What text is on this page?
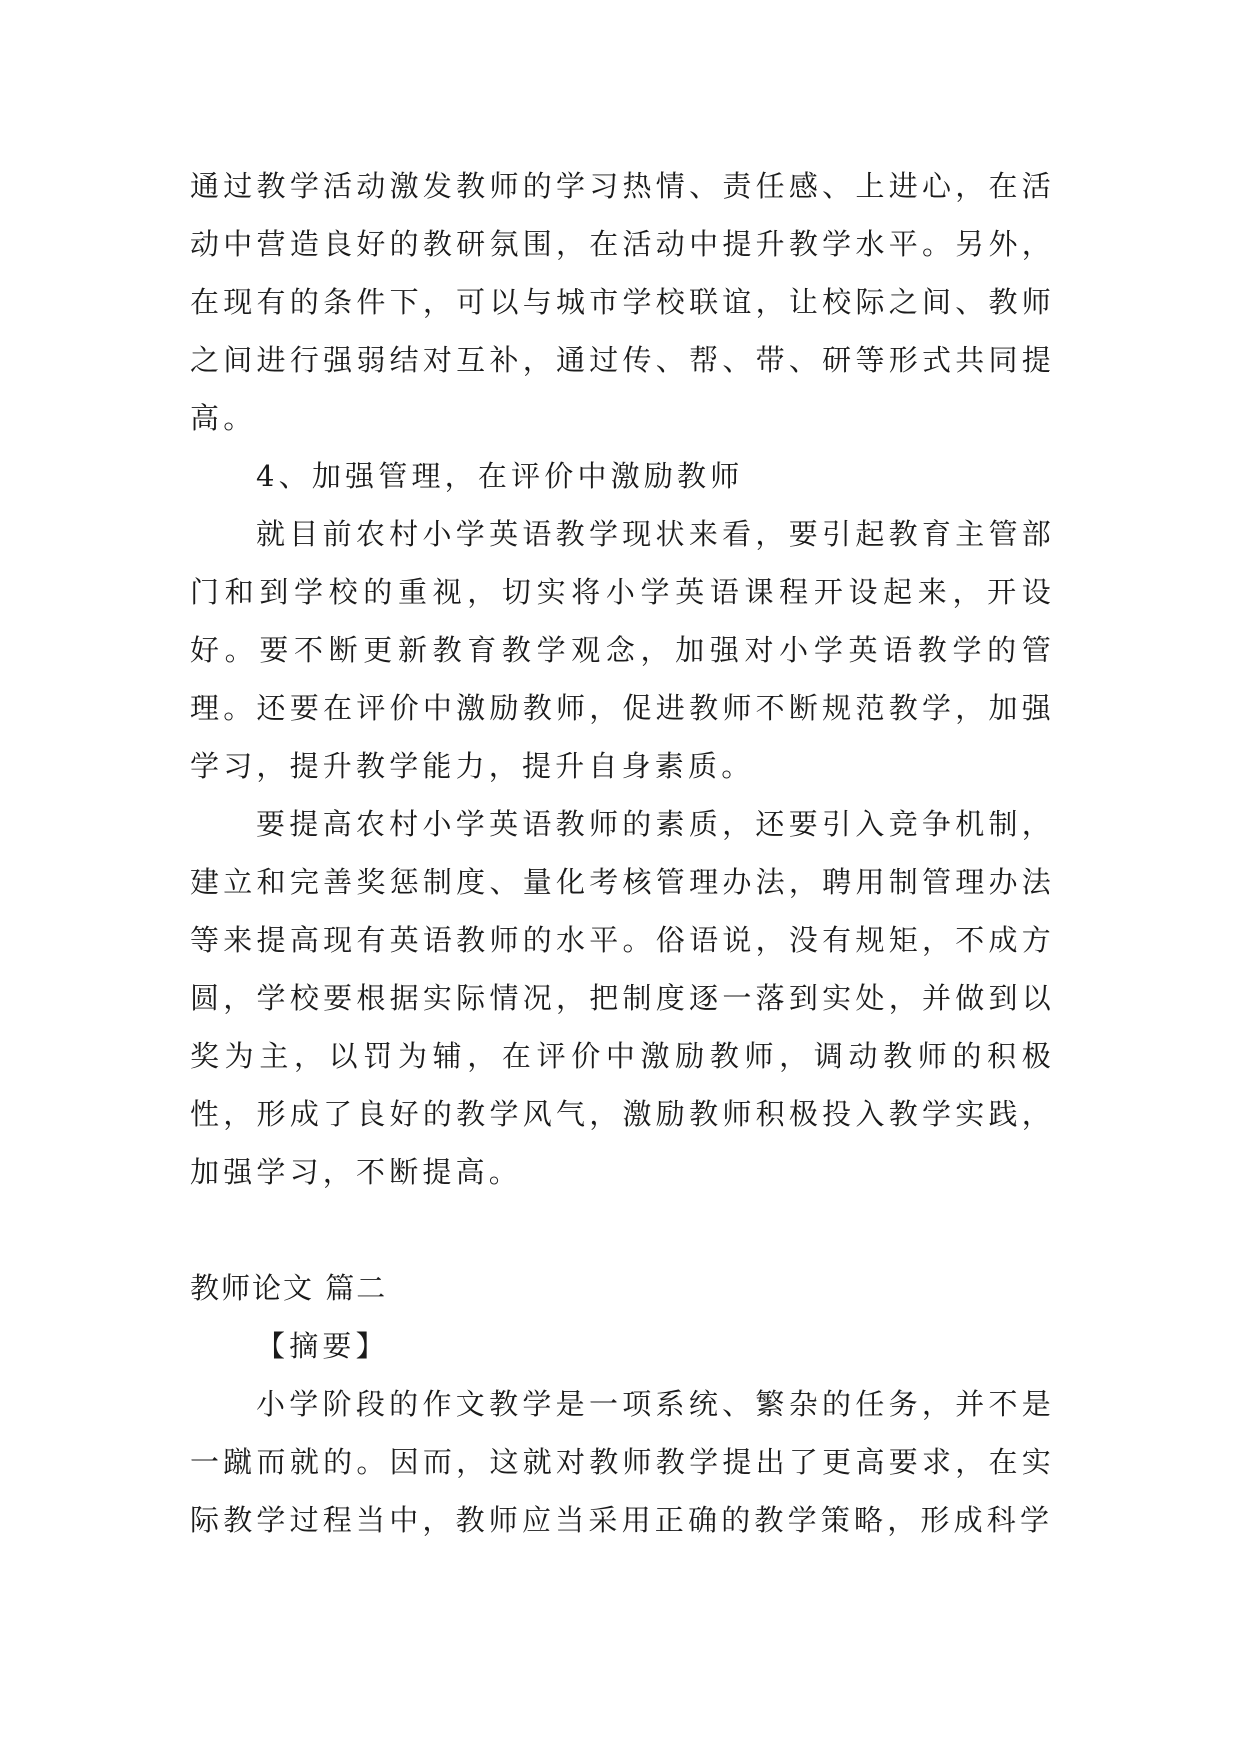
通过教学活动激发教师的学习热情、责任感、上进心，在活动中营造良好的教研氛围，在活动中提升教学水平。另外，在现有的条件下，可以与城市学校联谊，让校际之间、教师之间进行强弱结对互补，通过传、帮、带、研等形式共同提高。

4、加强管理，在评价中激励教师

就目前农村小学英语教学现状来看，要引起教育主管部门和到学校的重视，切实将小学英语课程开设起来，开设好。要不断更新教育教学观念，加强对小学英语教学的管理。还要在评价中激励教师，促进教师不断规范教学，加强学习，提升教学能力，提升自身素质。

要提高农村小学英语教师的素质，还要引入竞争机制，建立和完善奖惩制度、量化考核管理办法，聘用制管理办法等来提高现有英语教师的水平。俗语说，没有规矩，不成方圆，学校要根据实际情况，把制度逐一落到实处，并做到以奖为主，以罚为辅，在评价中激励教师，调动教师的积极性，形成了良好的教学风气，激励教师积极投入教学实践，加强学习，不断提高。

教师论文 篇二

【摘要】

小学阶段的作文教学是一项系统、繁杂的任务，并不是一蹴而就的。因而，这就对教师教学提出了更高要求，在实际教学过程当中，教师应当采用正确的教学策略，形成科学
